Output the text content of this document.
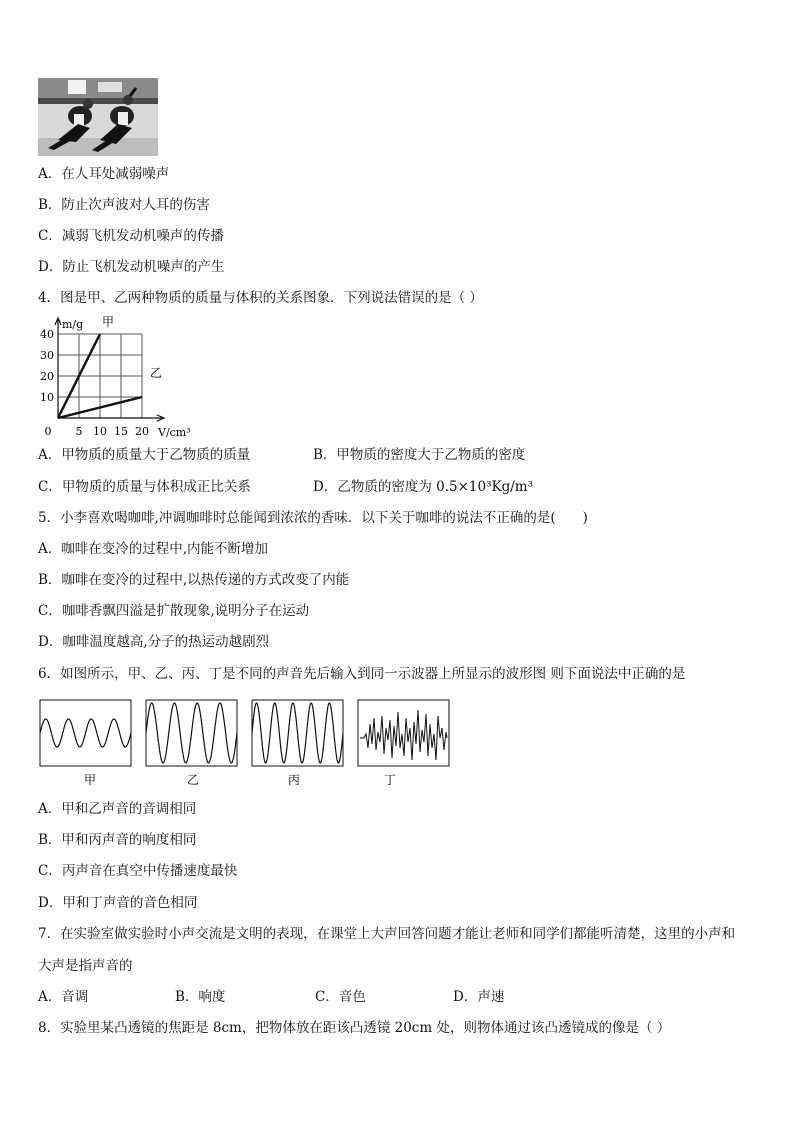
A．在人耳处减弱噪声
B．防止次声波对人耳的伤害
C．减弱飞机发动机噪声的传播
D．防止飞机发动机噪声的产生
4．图是甲、乙两种物质的质量与体积的关系图象．下列说法错误的是（ ）
m/g
V/cm³
0 5 10 15 20
10
20
30
40
甲
乙
A．甲物质的质量大于乙物质的质量	B．甲物质的密度大于乙物质的密度
C．甲物质的质量与体积成正比关系	D．乙物质的密度为 0.5×10³Kg/m³
5．小李喜欢喝咖啡,冲调咖啡时总能闻到浓浓的香味．以下关于咖啡的说法不正确的是(　　)
A．咖啡在变冷的过程中,内能不断增加
B．咖啡在变冷的过程中,以热传递的方式改变了内能
C．咖啡香飘四溢是扩散现象,说明分子在运动
D．咖啡温度越高,分子的热运动越剧烈
6．如图所示，甲、乙、丙、丁是不同的声音先后输入到同一示波器上所显示的波形图 则下面说法中正确的是
甲	乙	丙	丁
A．甲和乙声音的音调相同
B．甲和丙声音的响度相同
C．丙声音在真空中传播速度最快
D．甲和丁声音的音色相同
7．在实验室做实验时小声交流是文明的表现，在课堂上大声回答问题才能让老师和同学们都能听清楚，这里的小声和
大声是指声音的
A．音调	B．响度	C．音色	D．声速
8．实验里某凸透镜的焦距是 8cm，把物体放在距该凸透镜 20cm 处，则物体通过该凸透镜成的像是（ ）
